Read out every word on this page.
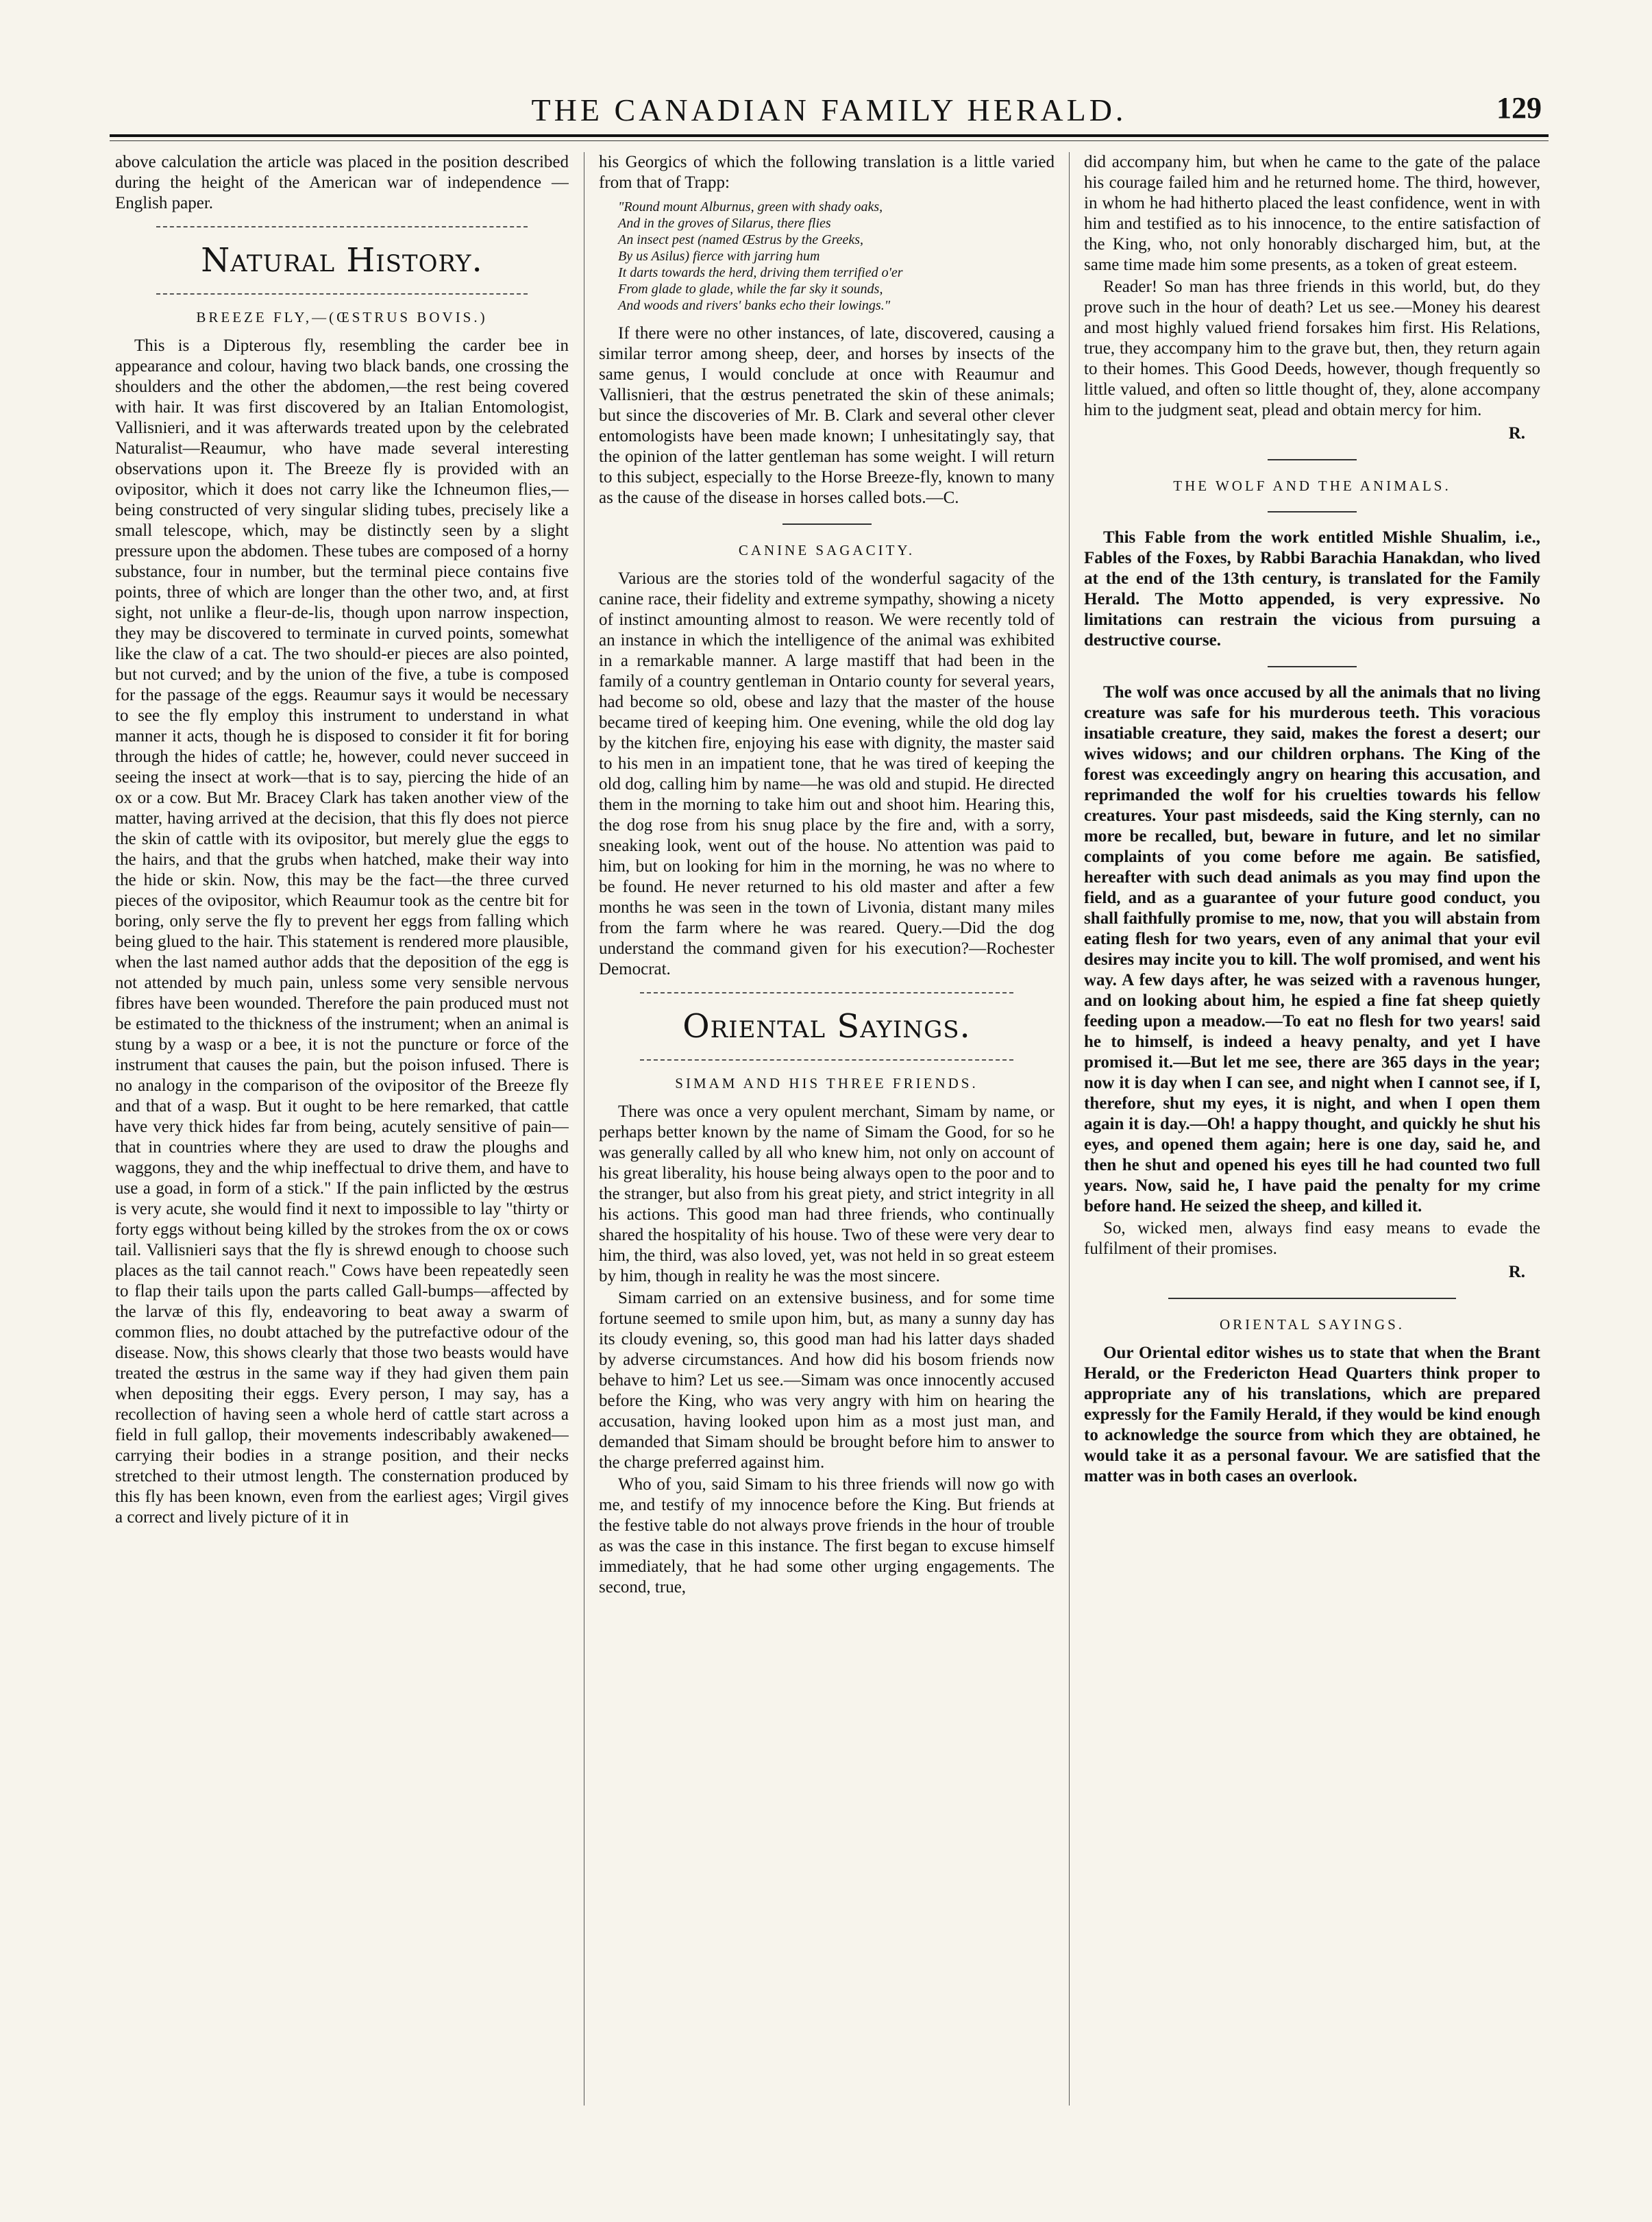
THE CANADIAN FAMILY HERALD.	129

above calculation the article was placed in the position described during the height of the American war of independence — English paper.

Natural History.
BREEZE FLY,—(ŒSTRUS BOVIS.)

This is a Dipterous fly, resembling the carder bee in appearance and colour, having two black bands, one crossing the shoulders and the other the abdomen,—the rest being covered with hair. It was first discovered by an Italian Entomologist, Vallisnieri, and it was afterwards treated upon by the celebrated Naturalist—Reaumur, who have made several interesting observations upon it. The Breeze fly is provided with an ovipositor, which it does not carry like the Ichneumon flies,—being constructed of very singular sliding tubes, precisely like a small telescope, which, may be distinctly seen by a slight pressure upon the abdomen. These tubes are composed of a horny substance, four in number, but the terminal piece contains five points, three of which are longer than the other two, and, at first sight, not unlike a fleur-de-lis, though upon narrow inspection, they may be discovered to terminate in curved points, somewhat like the claw of a cat. The two should-er pieces are also pointed, but not curved; and by the union of the five, a tube is composed for the passage of the eggs. Reaumur says it would be necessary to see the fly employ this instrument to understand in what manner it acts, though he is disposed to consider it fit for boring through the hides of cattle; he, however, could never succeed in seeing the insect at work—that is to say, piercing the hide of an ox or a cow. But Mr. Bracey Clark has taken another view of the matter, having arrived at the decision, that this fly does not pierce the skin of cattle with its ovipositor, but merely glue the eggs to the hairs, and that the grubs when hatched, make their way into the hide or skin. Now, this may be the fact—the three curved pieces of the ovipositor, which Reaumur took as the centre bit for boring, only serve the fly to prevent her eggs from falling which being glued to the hair. This statement is rendered more plausible, when the last named author adds that the deposition of the egg is not attended by much pain, unless some very sensible nervous fibres have been wounded. Therefore the pain produced must not be estimated to the thickness of the instrument; when an animal is stung by a wasp or a bee, it is not the puncture or force of the instrument that causes the pain, but the poison infused. There is no analogy in the comparison of the ovipositor of the Breeze fly and that of a wasp. But it ought to be here remarked, that cattle have very thick hides far from being, acutely sensitive of pain—that in countries where they are used to draw the ploughs and waggons, they and the whip ineffectual to drive them, and have to use a goad, in form of a stick." If the pain inflicted by the œstrus is very acute, she would find it next to impossible to lay "thirty or forty eggs without being killed by the strokes from the ox or cows tail. Vallisnieri says that the fly is shrewd enough to choose such places as the tail cannot reach." Cows have been repeatedly seen to flap their tails upon the parts called Gall-bumps—affected by the larvæ of this fly, endeavoring to beat away a swarm of common flies, no doubt attached by the putrefactive odour of the disease. Now, this shows clearly that those two beasts would have treated the œstrus in the same way if they had given them pain when depositing their eggs. Every person, I may say, has a recollection of having seen a whole herd of cattle start across a field in full gallop, their movements indescribably awakened—carrying their bodies in a strange position, and their necks stretched to their utmost length. The consternation produced by this fly has been known, even from the earliest ages; Virgil gives a correct and lively picture of it in

his Georgics of which the following translation is a little varied from that of Trapp:

"Round mount Alburnus, green with shady oaks,
And in the groves of Silarus, there flies
An insect pest (named Œstrus by the Greeks,
By us Asilus) fierce with jarring hum
It darts towards the herd, driving them terrified o'er
From glade to glade, while the far sky it sounds,
And woods and rivers' banks echo their lowings."

If there were no other instances, of late, discovered, causing a similar terror among sheep, deer, and horses by insects of the same genus, I would conclude at once with Reaumur and Vallisnieri, that the œstrus penetrated the skin of these animals; but since the discoveries of Mr. B. Clark and several other clever entomologists have been made known; I unhesitatingly say, that the opinion of the latter gentleman has some weight. I will return to this subject, especially to the Horse Breeze-fly, known to many as the cause of the disease in horses called bots.—C.

CANINE SAGACITY.

Various are the stories told of the wonderful sagacity of the canine race, their fidelity and extreme sympathy, showing a nicety of instinct amounting almost to reason. We were recently told of an instance in which the intelligence of the animal was exhibited in a remarkable manner. A large mastiff that had been in the family of a country gentleman in Ontario county for several years, had become so old, obese and lazy that the master of the house became tired of keeping him. One evening, while the old dog lay by the kitchen fire, enjoying his ease with dignity, the master said to his men in an impatient tone, that he was tired of keeping the old dog, calling him by name—he was old and stupid. He directed them in the morning to take him out and shoot him. Hearing this, the dog rose from his snug place by the fire and, with a sorry, sneaking look, went out of the house. No attention was paid to him, but on looking for him in the morning, he was no where to be found. He never returned to his old master and after a few months he was seen in the town of Livonia, distant many miles from the farm where he was reared. Query.—Did the dog understand the command given for his execution?—Rochester Democrat.

Oriental Sayings.
SIMAM AND HIS THREE FRIENDS.

There was once a very opulent merchant, Simam by name, or perhaps better known by the name of Simam the Good, for so he was generally called by all who knew him, not only on account of his great liberality, his house being always open to the poor and to the stranger, but also from his great piety, and strict integrity in all his actions. This good man had three friends, who continually shared the hospitality of his house. Two of these were very dear to him, the third, was also loved, yet, was not held in so great esteem by him, though in reality he was the most sincere.

Simam carried on an extensive business, and for some time fortune seemed to smile upon him, but, as many a sunny day has its cloudy evening, so, this good man had his latter days shaded by adverse circumstances. And how did his bosom friends now behave to him? Let us see.—Simam was once innocently accused before the King, who was very angry with him on hearing the accusation, having looked upon him as a most just man, and demanded that Simam should be brought before him to answer to the charge preferred against him.

Who of you, said Simam to his three friends will now go with me, and testify of my innocence before the King. But friends at the festive table do not always prove friends in the hour of trouble as was the case in this instance. The first began to excuse himself immediately, that he had some other urging engagements. The second, true,

did accompany him, but when he came to the gate of the palace his courage failed him and he returned home. The third, however, in whom he had hitherto placed the least confidence, went in with him and testified as to his innocence, to the entire satisfaction of the King, who, not only honorably discharged him, but, at the same time made him some presents, as a token of great esteem.

Reader! So man has three friends in this world, but, do they prove such in the hour of death? Let us see.—Money his dearest and most highly valued friend forsakes him first. His Relations, true, they accompany him to the grave but, then, they return again to their homes. This Good Deeds, however, though frequently so little valued, and often so little thought of, they, alone accompany him to the judgment seat, plead and obtain mercy for him.

R.
THE WOLF AND THE ANIMALS.

This Fable from the work entitled Mishle Shualim, i.e., Fables of the Foxes, by Rabbi Barachia Hanakdan, who lived at the end of the 13th century, is translated for the Family Herald. The Motto appended, is very expressive. No limitations can restrain the vicious from pursuing a destructive course.

The wolf was once accused by all the animals that no living creature was safe for his murderous teeth. This voracious insatiable creature, they said, makes the forest a desert; our wives widows; and our children orphans. The King of the forest was exceedingly angry on hearing this accusation, and reprimanded the wolf for his cruelties towards his fellow creatures. Your past misdeeds, said the King sternly, can no more be recalled, but, beware in future, and let no similar complaints of you come before me again. Be satisfied, hereafter with such dead animals as you may find upon the field, and as a guarantee of your future good conduct, you shall faithfully promise to me, now, that you will abstain from eating flesh for two years, even of any animal that your evil desires may incite you to kill. The wolf promised, and went his way. A few days after, he was seized with a ravenous hunger, and on looking about him, he espied a fine fat sheep quietly feeding upon a meadow.—To eat no flesh for two years! said he to himself, is indeed a heavy penalty, and yet I have promised it.—But let me see, there are 365 days in the year; now it is day when I can see, and night when I cannot see, if I, therefore, shut my eyes, it is night, and when I open them again it is day.—Oh! a happy thought, and quickly he shut his eyes, and opened them again; here is one day, said he, and then he shut and opened his eyes till he had counted two full years. Now, said he, I have paid the penalty for my crime before hand. He seized the sheep, and killed it.

So, wicked men, always find easy means to evade the fulfilment of their promises.

R.
ORIENTAL SAYINGS.

Our Oriental editor wishes us to state that when the Brant Herald, or the Fredericton Head Quarters think proper to appropriate any of his translations, which are prepared expressly for the Family Herald, if they would be kind enough to acknowledge the source from which they are obtained, he would take it as a personal favour. We are satisfied that the matter was in both cases an overlook.
